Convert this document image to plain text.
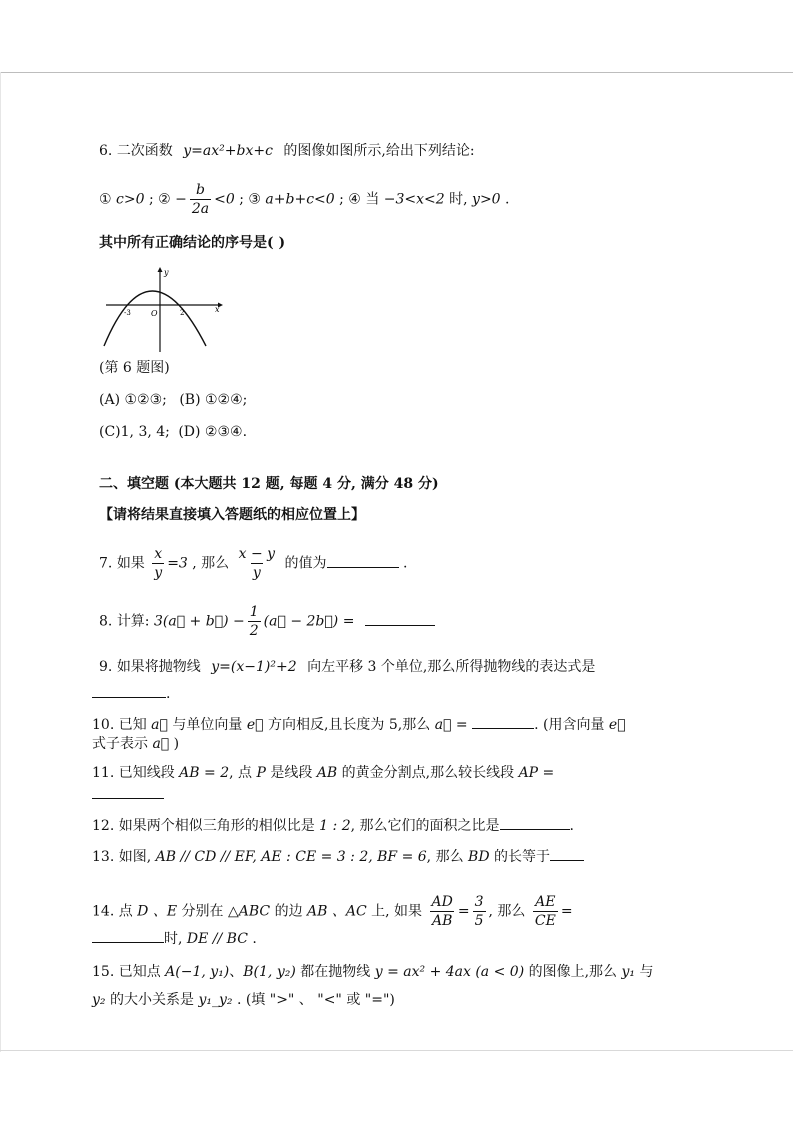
6. 二次函数 y=ax²+bx+c 的图像如图所示,给出下列结论:
① c>0 ; ② − $\frac{b}{2a} <0$ ; ③ a+b+c<0 ; ④ 当 −3<x<2 时, y>0 .
其中所有正确结论的序号是( )
y
x
O
-3	2
(第 6 题图)
(A) ①②③; (B) ①②④;
(C)1, 3, 4; (D) ②③④.
二、填空题 (本大题共 12 题, 每题 4 分, 满分 48 分)
【请将结果直接填入答题纸的相应位置上】
7. 如果 $\frac{x}{y} =3$ , 那么 $\frac{x - y}{y}$ 的值为	.
8. 计算: 3(a⃗ + b⃗) − $\frac{1}{2}$ (a⃗ − 2b⃗) =
9. 如果将抛物线 y=(x−1)²+2 向左平移 3 个单位,那么所得抛物线的表达式是
.
10. 已知 a⃗ 与单位向量 e⃗ 方向相反,且长度为 5,那么 a⃗ =	. (用含向量 e⃗
式子表示 a⃗ )
11. 已知线段 AB = 2, 点 P 是线段 AB 的黄金分割点,那么较长线段 AP =
12. 如果两个相似三角形的相似比是 1 : 2, 那么它们的面积之比是	.
13. 如图, AB // CD // EF, AE : CE = 3 : 2, BF = 6, 那么 BD 的长等于
14. 点 D 、E 分别在 △ABC 的边 AB 、AC 上, 如果 $\frac{AD}{AB} = \frac{3}{5}$ , 那么 $\frac{AE}{CE}$ =
时, DE // BC .
15. 已知点 A(−1, y₁)、B(1, y₂) 都在抛物线 y = ax² + 4ax (a < 0) 的图像上,那么 y₁ 与
y₂ 的大小关系是 y₁_y₂ . (填 ">" 、 "<" 或 "=")
